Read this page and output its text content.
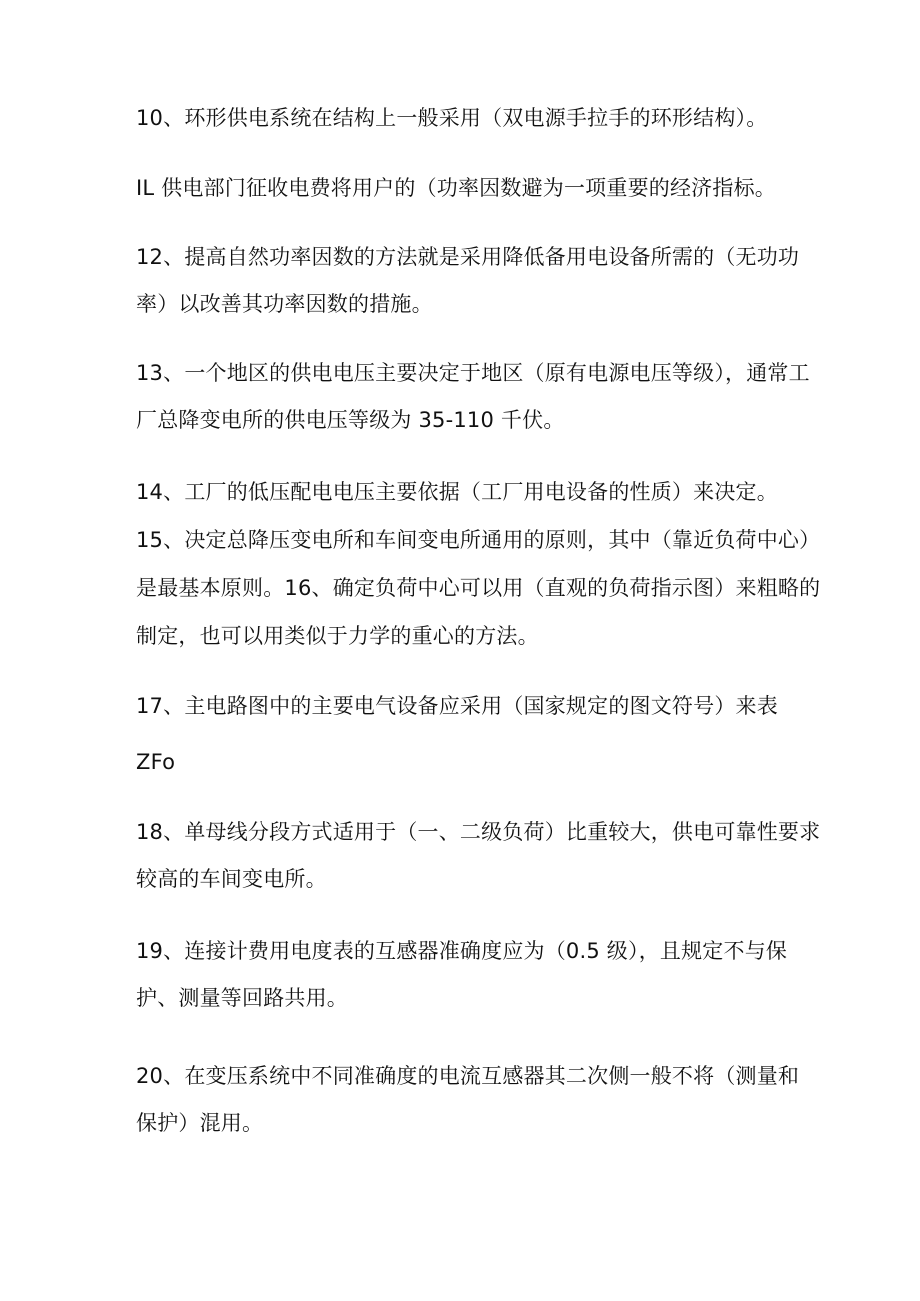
10、环形供电系统在结构上一般采用（双电源手拉手的环形结构）。
IL 供电部门征收电费将用户的（功率因数避为一项重要的经济指标。
12、提高自然功率因数的方法就是采用降低备用电设备所需的（无功功
率）以改善其功率因数的措施。
13、一个地区的供电电压主要决定于地区（原有电源电压等级），通常工
厂总降变电所的供电压等级为 35-110 千伏。
14、工厂的低压配电电压主要依据（工厂用电设备的性质）来决定。
15、决定总降压变电所和车间变电所通用的原则，其中（靠近负荷中心）
是最基本原则。16、确定负荷中心可以用（直观的负荷指示图）来粗略的
制定，也可以用类似于力学的重心的方法。
17、主电路图中的主要电气设备应采用（国家规定的图文符号）来表
ZFo
18、单母线分段方式适用于（一、二级负荷）比重较大，供电可靠性要求
较高的车间变电所。
19、连接计费用电度表的互感器准确度应为（0.5 级），且规定不与保
护、测量等回路共用。
20、在变压系统中不同准确度的电流互感器其二次侧一般不将（测量和
保护）混用。
